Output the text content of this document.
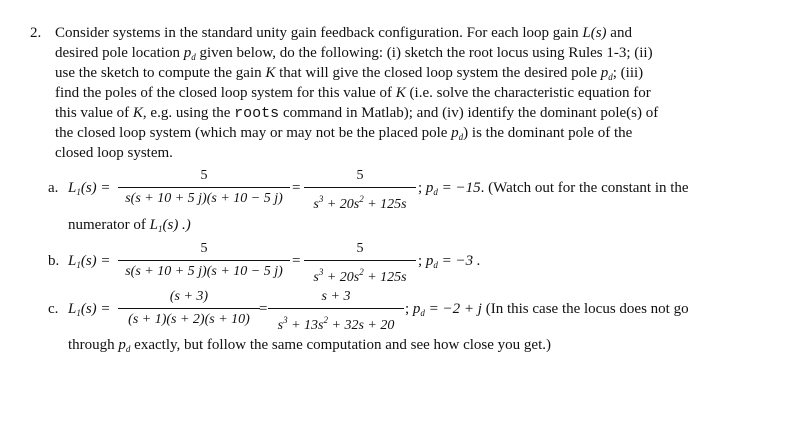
2. Consider systems in the standard unity gain feedback configuration. For each loop gain L(s) and
desired pole location $p_d$ given below, do the following: (i) sketch the root locus using Rules 1-3; (ii)
use the sketch to compute the gain K that will give the closed loop system the desired pole $p_d$; (iii)
find the poles of the closed loop system for this value of K (i.e. solve the characteristic equation for
this value of K, e.g. using the roots command in Matlab); and (iv) identify the dominant pole(s) of
the closed loop system (which may or may not be the placed pole $p_d$) is the dominant pole of the
closed loop system.
a. $L_1(s)$ =
5
s(s + 10 + 5 j)(s + 10 − 5 j)
=
5
$s^3 + 20s^2 + 125s$
; $p_d = -15$. (Watch out for the constant in the
numerator of $L_1(s)$ .)
b. $L_1(s)$ =
5
s(s + 10 + 5 j)(s + 10 − 5 j)
=
5
$s^3 + 20s^2 + 125s$
; $p_d = -3$ .
c. $L_1(s)$ =
(s + 3)
(s + 1)(s + 2)(s + 10)
=
s + 3
$s^3 + 13s^2 + 32s + 20$
; $p_d = -2 + j$ (In this case the locus does not go
through $p_d$ exactly, but follow the same computation and see how close you get.)
